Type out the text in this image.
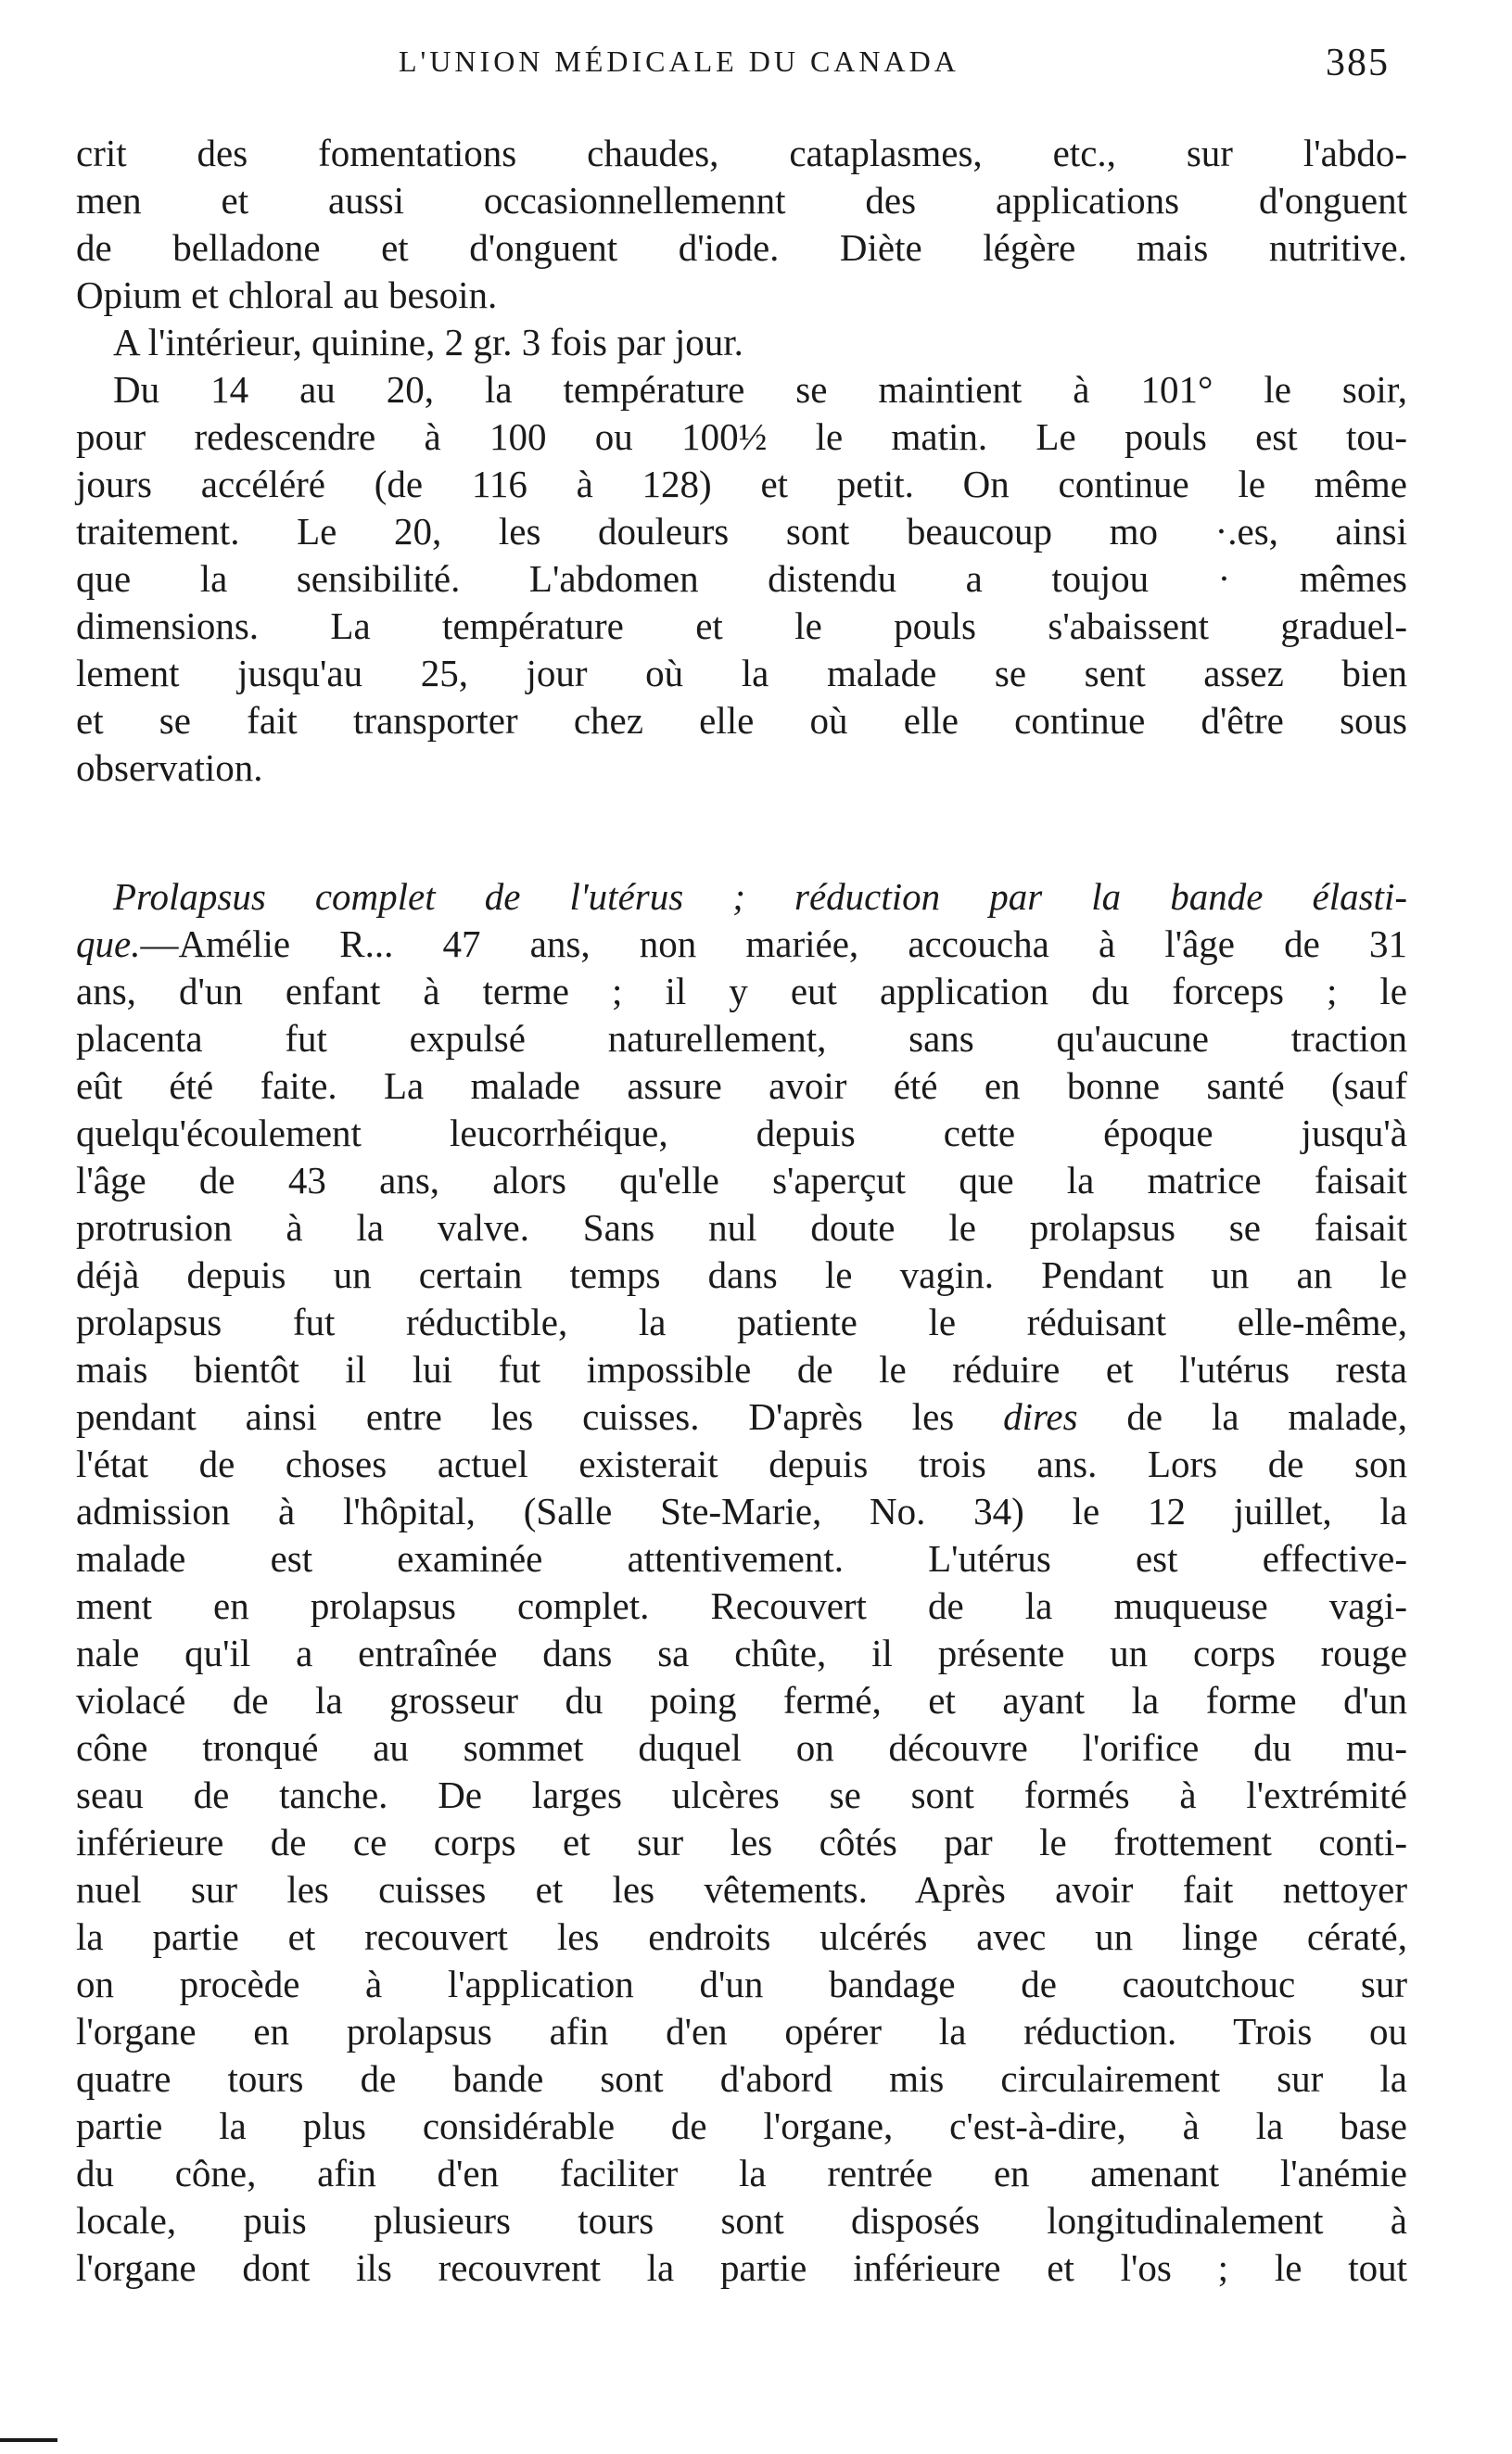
L'UNION MÉDICALE DU CANADA	385
crit des fomentations chaudes, cataplasmes, etc., sur l'abdo-
men et aussi occasionnellemennt des applications d'onguent
de belladone et d'onguent d'iode. Diète légère mais nutritive.
Opium et chloral au besoin.
A l'intérieur, quinine, 2 gr. 3 fois par jour.
Du 14 au 20, la température se maintient à 101° le soir,
pour redescendre à 100 ou 100½ le matin. Le pouls est tou-
jours accéléré (de 116 à 128) et petit. On continue le même
traitement. Le 20, les douleurs sont beaucoup mo ·.es, ainsi
que la sensibilité. L'abdomen distendu a toujou · mêmes
dimensions. La température et le pouls s'abaissent graduel-
lement jusqu'au 25, jour où la malade se sent assez bien
et se fait transporter chez elle où elle continue d'être sous
observation.
Prolapsus complet de l'utérus ; réduction par la bande élasti-
que.—Amélie R... 47 ans, non mariée, accoucha à l'âge de 31
ans, d'un enfant à terme ; il y eut application du forceps ; le
placenta fut expulsé naturellement, sans qu'aucune traction
eût été faite. La malade assure avoir été en bonne santé (sauf
quelqu'écoulement leucorrhéique, depuis cette époque jusqu'à
l'âge de 43 ans, alors qu'elle s'aperçut que la matrice faisait
protrusion à la valve. Sans nul doute le prolapsus se faisait
déjà depuis un certain temps dans le vagin. Pendant un an le
prolapsus fut réductible, la patiente le réduisant elle-même,
mais bientôt il lui fut impossible de le réduire et l'utérus resta
pendant ainsi entre les cuisses. D'après les dires de la malade,
l'état de choses actuel existerait depuis trois ans. Lors de son
admission à l'hôpital, (Salle Ste-Marie, No. 34) le 12 juillet, la
malade est examinée attentivement. L'utérus est effective-
ment en prolapsus complet. Recouvert de la muqueuse vagi-
nale qu'il a entraînée dans sa chûte, il présente un corps rouge
violacé de la grosseur du poing fermé, et ayant la forme d'un
cône tronqué au sommet duquel on découvre l'orifice du mu-
seau de tanche. De larges ulcères se sont formés à l'extrémité
inférieure de ce corps et sur les côtés par le frottement conti-
nuel sur les cuisses et les vêtements. Après avoir fait nettoyer
la partie et recouvert les endroits ulcérés avec un linge cératé,
on procède à l'application d'un bandage de caoutchouc sur
l'organe en prolapsus afin d'en opérer la réduction. Trois ou
quatre tours de bande sont d'abord mis circulairement sur la
partie la plus considérable de l'organe, c'est-à-dire, à la base
du cône, afin d'en faciliter la rentrée en amenant l'anémie
locale, puis plusieurs tours sont disposés longitudinalement à
l'organe dont ils recouvrent la partie inférieure et l'os ; le tout
